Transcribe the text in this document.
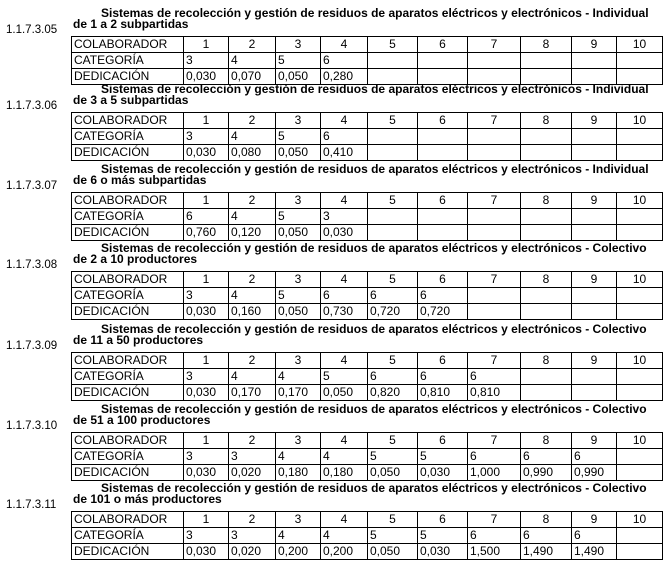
Sistemas de recolección y gestión de residuos de aparatos eléctricos y electrónicos - Individual de 1 a 2 subpartidas
1.1.7.3.05
COLABORADOR	1	2	3	4	5	6	7	8	9	10
CATEGORÍA	3	4	5	6						
DEDICACIÓN	0,030	0,070	0,050	0,280						
Sistemas de recolección y gestión de residuos de aparatos eléctricos y electrónicos - Individual de 3 a 5 subpartidas
1.1.7.3.06
COLABORADOR	1	2	3	4	5	6	7	8	9	10
CATEGORÍA	3	4	5	6						
DEDICACIÓN	0,030	0,080	0,050	0,410						
Sistemas de recolección y gestión de residuos de aparatos eléctricos y electrónicos - Individual de 6 o más subpartidas
1.1.7.3.07
COLABORADOR	1	2	3	4	5	6	7	8	9	10
CATEGORÍA	6	4	5	3						
DEDICACIÓN	0,760	0,120	0,050	0,030						
Sistemas de recolección y gestión de residuos de aparatos eléctricos y electrónicos - Colectivo de 2 a 10 productores
1.1.7.3.08
COLABORADOR	1	2	3	4	5	6	7	8	9	10
CATEGORÍA	3	4	5	6	6	6				
DEDICACIÓN	0,030	0,160	0,050	0,730	0,720	0,720				
Sistemas de recolección y gestión de residuos de aparatos eléctricos y electrónicos - Colectivo de 11 a 50 productores
1.1.7.3.09
COLABORADOR	1	2	3	4	5	6	7	8	9	10
CATEGORÍA	3	4	4	5	6	6	6			
DEDICACIÓN	0,030	0,170	0,170	0,050	0,820	0,810	0,810			
Sistemas de recolección y gestión de residuos de aparatos eléctricos y electrónicos - Colectivo de 51 a 100 productores
1.1.7.3.10
COLABORADOR	1	2	3	4	5	6	7	8	9	10
CATEGORÍA	3	3	4	4	5	5	6	6	6	
DEDICACIÓN	0,030	0,020	0,180	0,180	0,050	0,030	1,000	0,990	0,990	
Sistemas de recolección y gestión de residuos de aparatos eléctricos y electrónicos - Colectivo de 101 o más productores
1.1.7.3.11
COLABORADOR	1	2	3	4	5	6	7	8	9	10
CATEGORÍA	3	3	4	4	5	5	6	6	6	
DEDICACIÓN	0,030	0,020	0,200	0,200	0,050	0,030	1,500	1,490	1,490	
